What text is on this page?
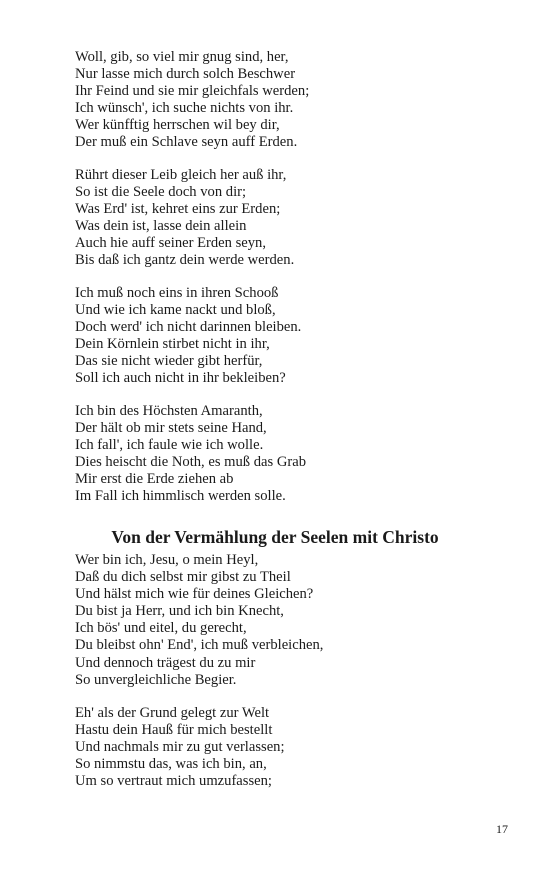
Woll, gib, so viel mir gnug sind, her,
Nur lasse mich durch solch Beschwer
Ihr Feind und sie mir gleichfals werden;
Ich wünsch', ich suche nichts von ihr.
Wer künfftig herrschen wil bey dir,
Der muß ein Schlave seyn auff Erden.
Rührt dieser Leib gleich her auß ihr,
So ist die Seele doch von dir;
Was Erd' ist, kehret eins zur Erden;
Was dein ist, lasse dein allein
Auch hie auff seiner Erden seyn,
Bis daß ich gantz dein werde werden.
Ich muß noch eins in ihren Schooß
Und wie ich kame nackt und bloß,
Doch werd' ich nicht darinnen bleiben.
Dein Körnlein stirbet nicht in ihr,
Das sie nicht wieder gibt herfür,
Soll ich auch nicht in ihr bekleiben?
Ich bin des Höchsten Amaranth,
Der hält ob mir stets seine Hand,
Ich fall', ich faule wie ich wolle.
Dies heischt die Noth, es muß das Grab
Mir erst die Erde ziehen ab
Im Fall ich himmlisch werden solle.
Von der Vermählung der Seelen mit Christo
Wer bin ich, Jesu, o mein Heyl,
Daß du dich selbst mir gibst zu Theil
Und hälst mich wie für deines Gleichen?
Du bist ja Herr, und ich bin Knecht,
Ich bös' und eitel, du gerecht,
Du bleibst ohn' End', ich muß verbleichen,
Und dennoch trägest du zu mir
So unvergleichliche Begier.
Eh' als der Grund gelegt zur Welt
Hastu dein Hauß für mich bestellt
Und nachmals mir zu gut verlassen;
So nimmstu das, was ich bin, an,
Um so vertraut mich umzufassen;
17
